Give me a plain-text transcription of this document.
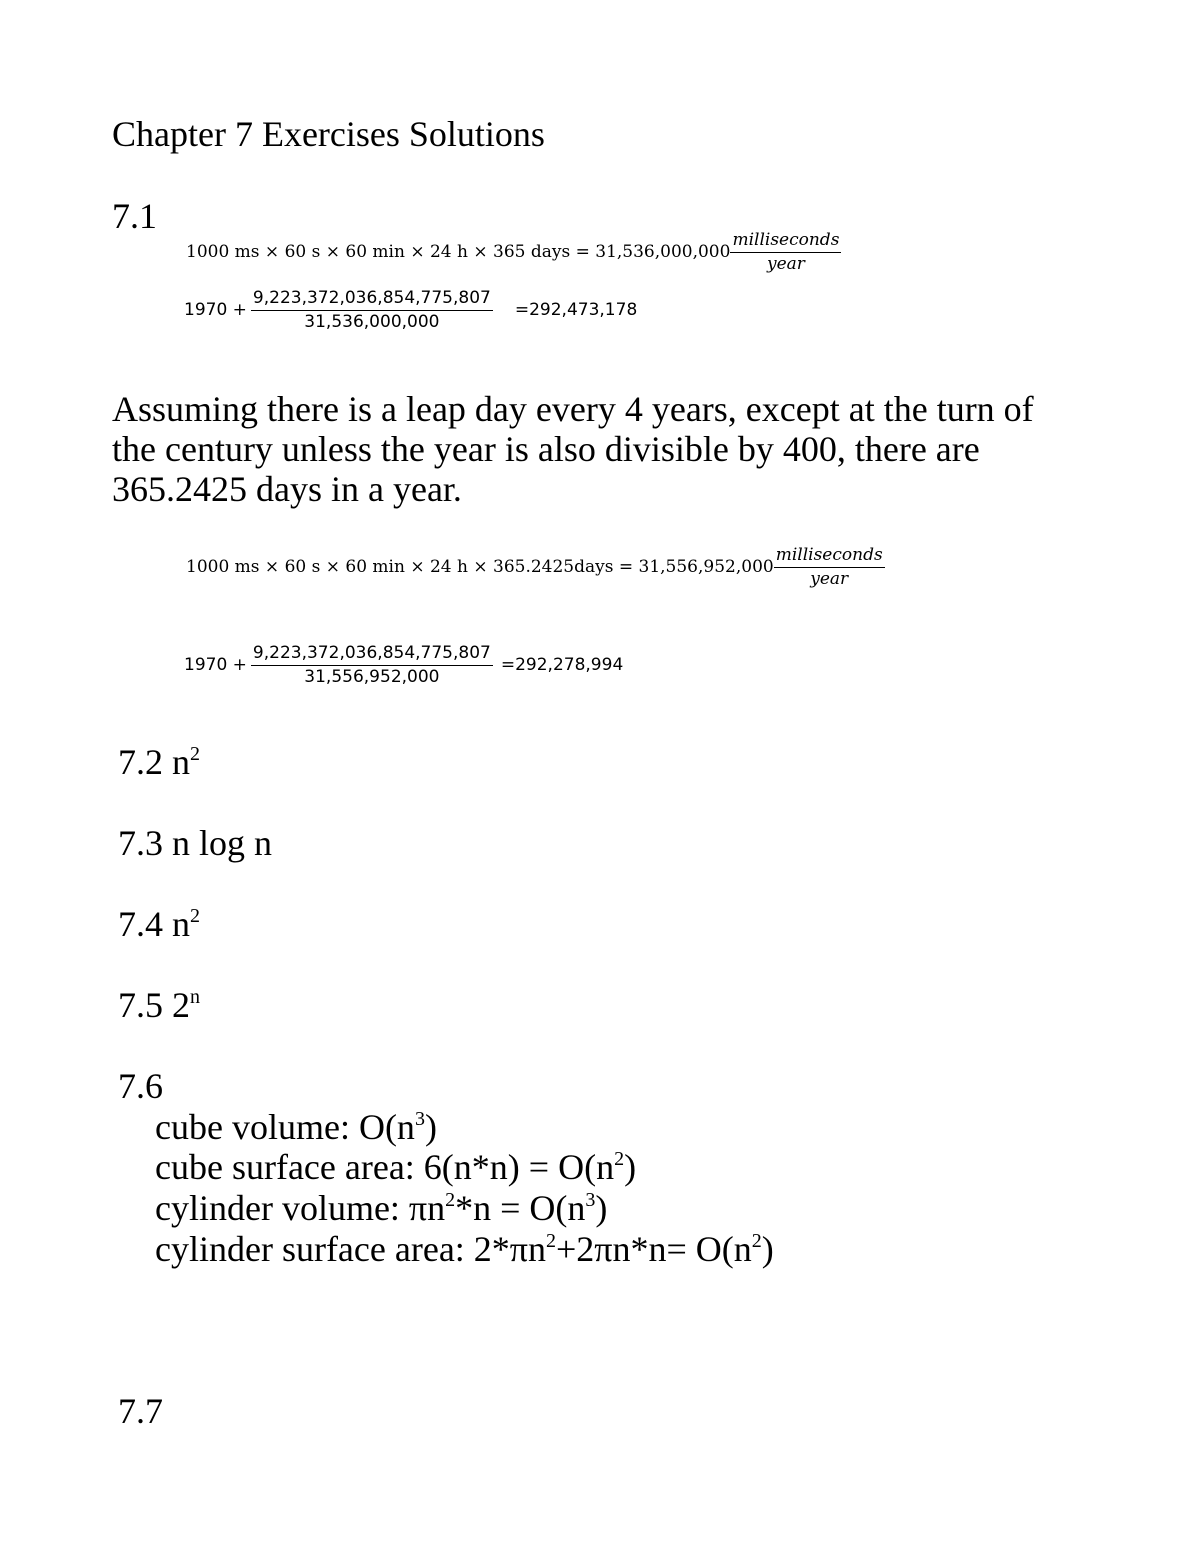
Chapter 7 Exercises Solutions
7.1
1000 ms × 60 s × 60 min × 24 h × 365 days = $31,536,000,000 \frac{\text{milliseconds}}{\text{year}}$
$1970 + \frac{9,223,372,036,854,775,807}{31,536,000,000} =292,473,178$
Assuming there is a leap day every 4 years, except at the turn of the century unless the year is also divisible by 400, there are 365.2425 days in a year.
1000 ms × 60 s × 60 min × 24 h × 365.2425days = $31,556,952,000 \frac{\text{milliseconds}}{\text{year}}$
$1970 + \frac{9,223,372,036,854,775,807}{31,556,952,000} =292,278,994$
7.2 $n^2$
7.3 n log n
7.4 $n^2$
7.5 2$^n$
7.6
cube volume: $O(n^3)$
cube surface area: $6(n*n) = O(n^2)$
cylinder volume: $\pi n^2*n = O(n^3)$
cylinder surface area: $2*\pi n^2+2\pi n*n= O(n^2)$
7.7
